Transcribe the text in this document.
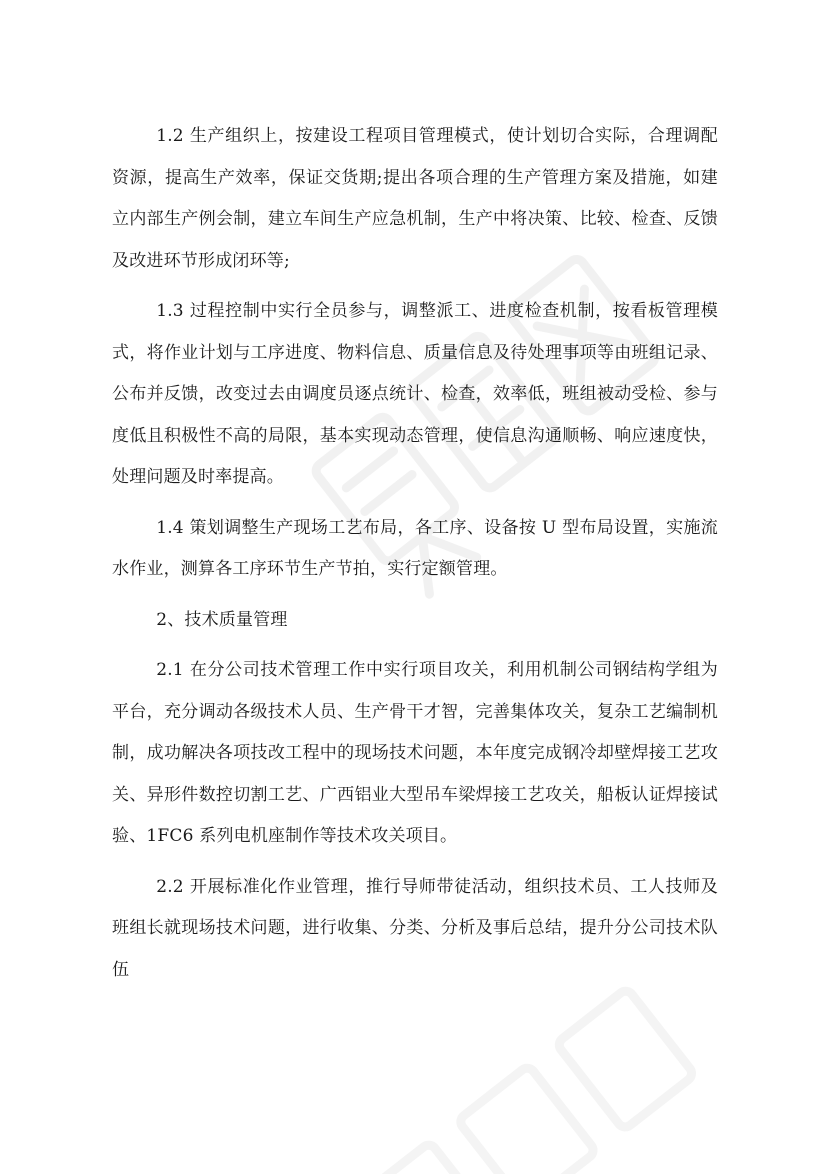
1.2 生产组织上，按建设工程项目管理模式，使计划切合实际，合理调配资源，提高生产效率，保证交货期;提出各项合理的生产管理方案及措施，如建立内部生产例会制，建立车间生产应急机制，生产中将决策、比较、检查、反馈及改进环节形成闭环等;

1.3 过程控制中实行全员参与，调整派工、进度检查机制，按看板管理模式，将作业计划与工序进度、物料信息、质量信息及待处理事项等由班组记录、公布并反馈，改变过去由调度员逐点统计、检查，效率低，班组被动受检、参与度低且积极性不高的局限，基本实现动态管理，使信息沟通顺畅、响应速度快，处理问题及时率提高。

1.4 策划调整生产现场工艺布局，各工序、设备按 U 型布局设置，实施流水作业，测算各工序环节生产节拍，实行定额管理。

2、技术质量管理

2.1 在分公司技术管理工作中实行项目攻关，利用机制公司钢结构学组为平台，充分调动各级技术人员、生产骨干才智，完善集体攻关，复杂工艺编制机制，成功解决各项技改工程中的现场技术问题，本年度完成钢冷却壁焊接工艺攻关、异形件数控切割工艺、广西铝业大型吊车梁焊接工艺攻关，船板认证焊接试验、1FC6 系列电机座制作等技术攻关项目。

2.2 开展标准化作业管理，推行导师带徒活动，组织技术员、工人技师及班组长就现场技术问题，进行收集、分类、分析及事后总结，提升分公司技术队伍
